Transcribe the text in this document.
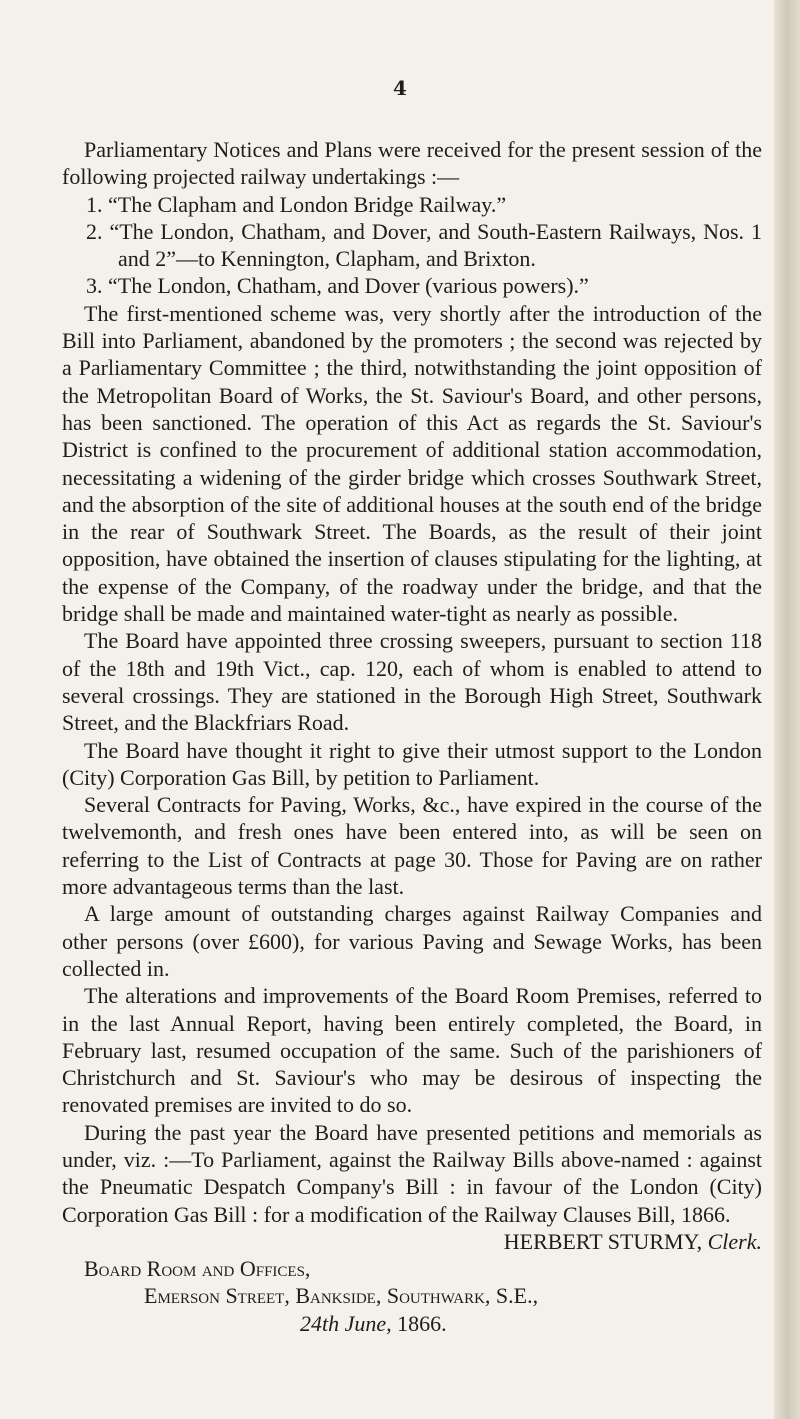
4

Parliamentary Notices and Plans were received for the present session of the following projected railway undertakings :—

1. “The Clapham and London Bridge Railway.”
2. “The London, Chatham, and Dover, and South-Eastern Railways, Nos. 1 and 2”—to Kennington, Clapham, and Brixton.
3. “The London, Chatham, and Dover (various powers).”

The first-mentioned scheme was, very shortly after the introduction of the Bill into Parliament, abandoned by the promoters ; the second was rejected by a Parliamentary Committee ; the third, notwithstanding the joint opposition of the Metropolitan Board of Works, the St. Saviour's Board, and other persons, has been sanctioned. The operation of this Act as regards the St. Saviour's District is confined to the procurement of additional station accommodation, necessitating a widening of the girder bridge which crosses Southwark Street, and the absorption of the site of additional houses at the south end of the bridge in the rear of Southwark Street. The Boards, as the result of their joint opposition, have obtained the insertion of clauses stipulating for the lighting, at the expense of the Company, of the roadway under the bridge, and that the bridge shall be made and maintained water-tight as nearly as possible.

The Board have appointed three crossing sweepers, pursuant to section 118 of the 18th and 19th Vict., cap. 120, each of whom is enabled to attend to several crossings. They are stationed in the Borough High Street, Southwark Street, and the Blackfriars Road.

The Board have thought it right to give their utmost support to the London (City) Corporation Gas Bill, by petition to Parliament.

Several Contracts for Paving, Works, &c., have expired in the course of the twelvemonth, and fresh ones have been entered into, as will be seen on referring to the List of Contracts at page 30. Those for Paving are on rather more advantageous terms than the last.

A large amount of outstanding charges against Railway Companies and other persons (over £600), for various Paving and Sewage Works, has been collected in.

The alterations and improvements of the Board Room Premises, referred to in the last Annual Report, having been entirely completed, the Board, in February last, resumed occupation of the same. Such of the parishioners of Christchurch and St. Saviour's who may be desirous of inspecting the renovated premises are invited to do so.

During the past year the Board have presented petitions and memorials as under, viz. :—To Parliament, against the Railway Bills above-named : against the Pneumatic Despatch Company's Bill : in favour of the London (City) Corporation Gas Bill : for a modification of the Railway Clauses Bill, 1866.

HERBERT STURMY, Clerk.

Board Room and Offices,

Emerson Street, Bankside, Southwark, S.E.,

24th June, 1866.
